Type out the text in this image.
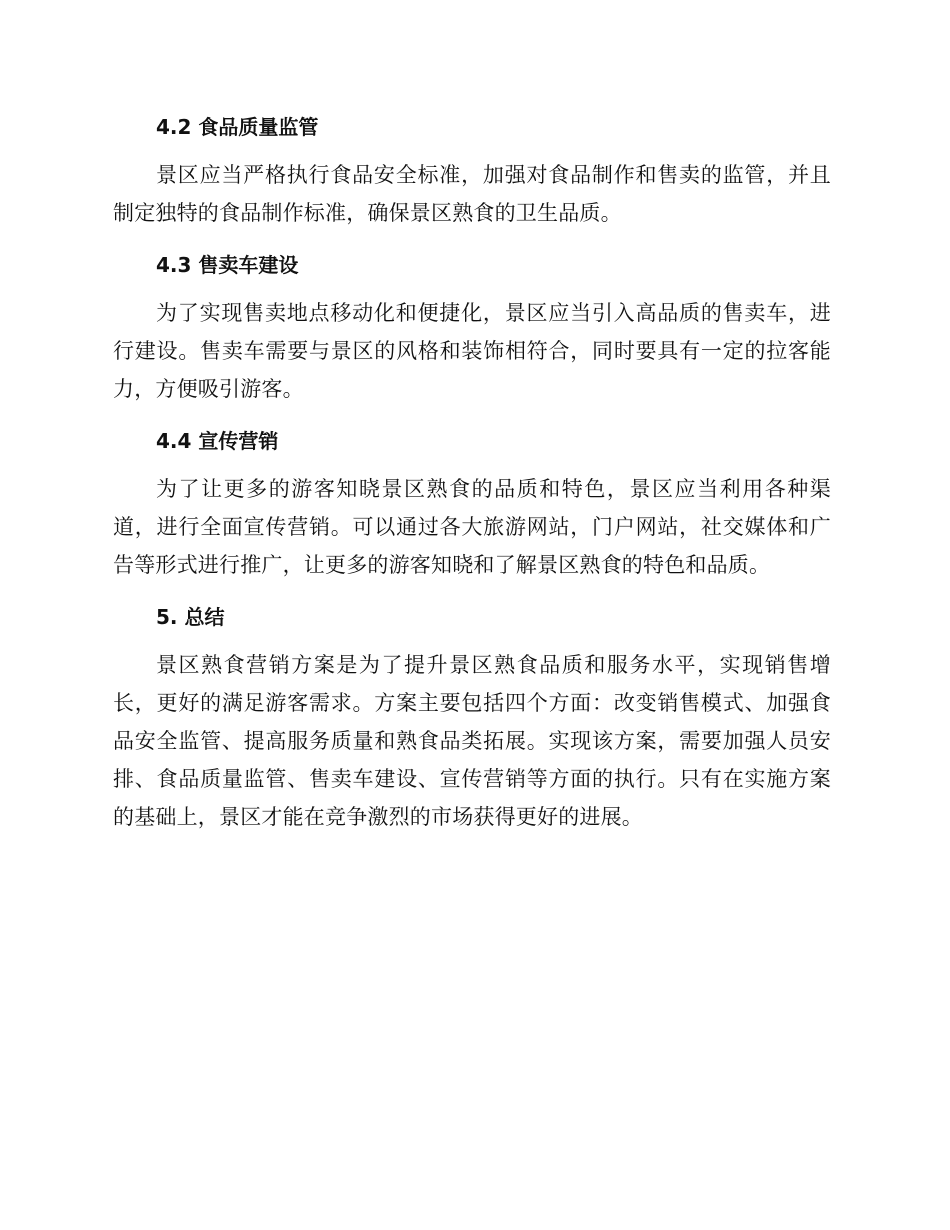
4.2 食品质量监管

景区应当严格执行食品安全标准，加强对食品制作和售卖的监管，并且制定独特的食品制作标准，确保景区熟食的卫生品质。

4.3 售卖车建设

为了实现售卖地点移动化和便捷化，景区应当引入高品质的售卖车，进行建设。售卖车需要与景区的风格和装饰相符合，同时要具有一定的拉客能力，方便吸引游客。

4.4 宣传营销

为了让更多的游客知晓景区熟食的品质和特色，景区应当利用各种渠道，进行全面宣传营销。可以通过各大旅游网站，门户网站，社交媒体和广告等形式进行推广，让更多的游客知晓和了解景区熟食的特色和品质。

5. 总结

景区熟食营销方案是为了提升景区熟食品质和服务水平，实现销售增长，更好的满足游客需求。方案主要包括四个方面：改变销售模式、加强食品安全监管、提高服务质量和熟食品类拓展。实现该方案，需要加强人员安排、食品质量监管、售卖车建设、宣传营销等方面的执行。只有在实施方案的基础上，景区才能在竞争激烈的市场获得更好的进展。
